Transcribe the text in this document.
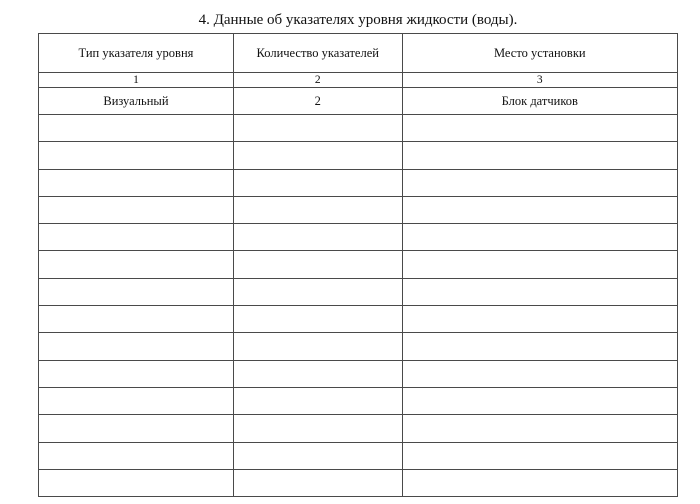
4. Данные об указателях уровня жидкости (воды).
Тип указателя уровня	Количество указателей	Место установки
1	2	3
Визуальный	2	Блок датчиков
